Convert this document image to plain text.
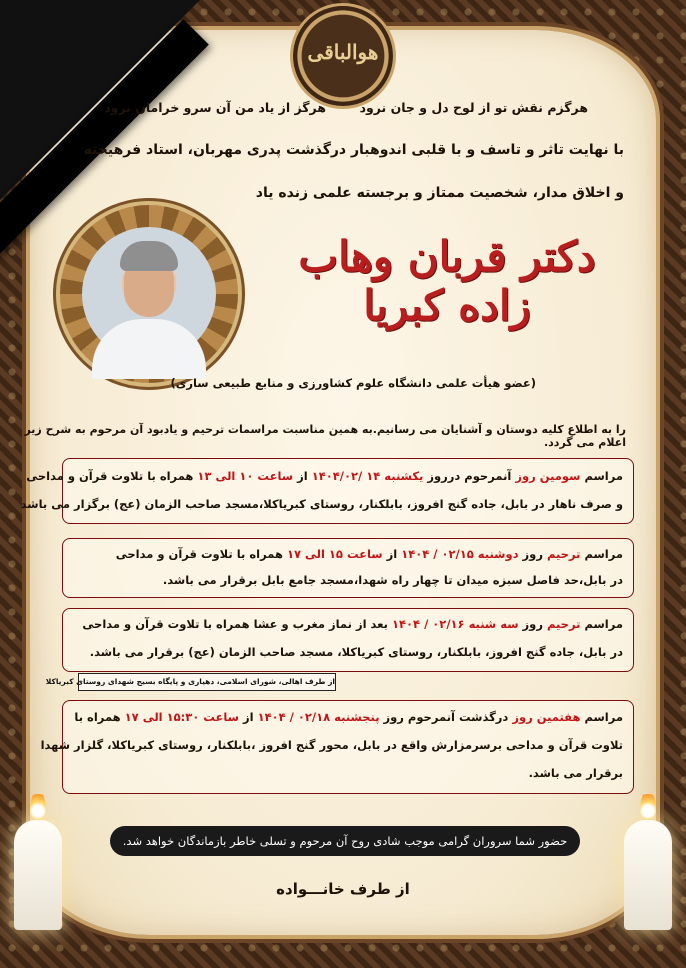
هوالباقی
هرگزم نقش تو از لوح دل و جان نرود
هرگز از یاد من آن سرو خرامان نرود
با نهایت تاثر و تاسف و با قلبی اندوهبار درگذشت پدری مهربان، استاد فرهیخته
و اخلاق مدار، شخصیت ممتاز و برجسته علمی زنده یاد
دکتر قربان وهاب زاده کبریا
(عضو هیأت علمی دانشگاه علوم کشاورزی و منابع طبیعی ساری)
را به اطلاع کلیه دوستان و آشنایان می رسانیم.به همین مناسبت مراسمات ترحیم و یادبود آن مرحوم به شرح زیر اعلام می گردد.
مراسم سومین روز آنمرحوم درروز یکشنبه ۱۴ /۱۴۰۴/۰۲ از ساعت ۱۰ الی ۱۳ همراه با تلاوت قرآن و مداحی
و صرف ناهار در بابل، جاده گنج افروز، بابلکنار، روستای کبریاکلا،مسجد صاحب الزمان (عج) برگزار می باشد
مراسم ترحیم روز دوشنبه ۰۲/۱۵ / ۱۴۰۴ از ساعت ۱۵ الی ۱۷ همراه با تلاوت قرآن و مداحی
در بابل،حد فاصل سبزه میدان تا چهار راه شهدا،مسجد جامع بابل برقرار می باشد.
مراسم ترحیم روز سه شنبه ۰۲/۱۶ / ۱۴۰۴ بعد از نماز مغرب و عشا همراه با تلاوت قرآن و مداحی
در بابل، جاده گنج افروز، بابلکنار، روستای کبریاکلا، مسجد صاحب الزمان (عج) برقرار می باشد.
از طرف اهالی، شورای اسلامی، دهیاری و پایگاه بسیج شهدای روستای کبریاکلا
مراسم هفتمین روز درگذشت آنمرحوم روز پنجشنبه ۰۲/۱۸ / ۱۴۰۴ از ساعت ۱۵:۳۰ الی ۱۷ همراه با
تلاوت قرآن و مداحی برسرمزارش واقع در بابل، محور گنج افروز ،بابلکنار، روستای کبریاکلا، گلزار شهدا
برقرار می باشد.
حضور شما سروران گرامی موجب شادی روح آن مرحوم و تسلی خاطر بازماندگان خواهد شد.
از طرف خانـــواده
